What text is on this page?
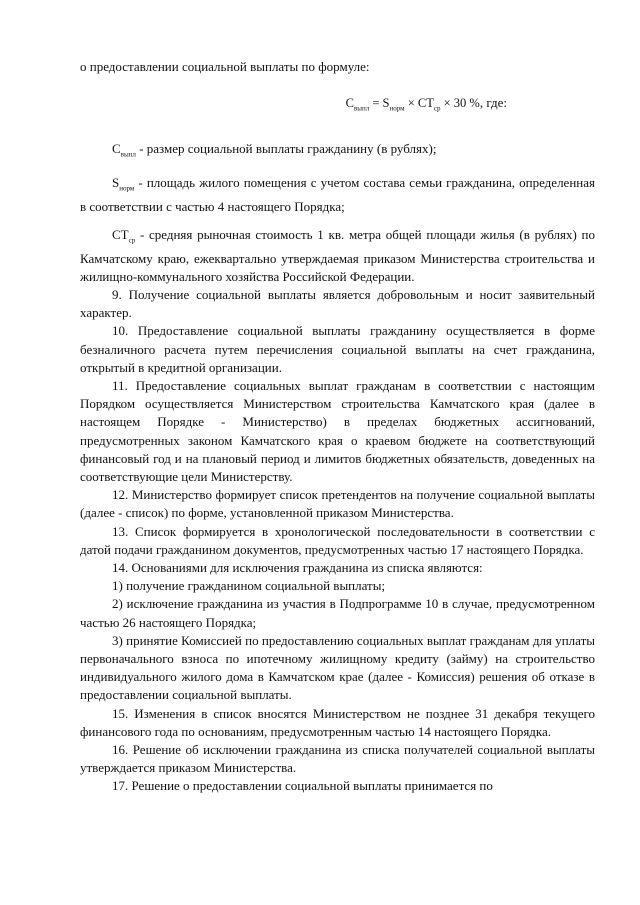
о предоставлении социальной выплаты по формуле:

$С_{выпл} = S_{норм} \times СТ_{ср} \times 30$ %, где:

$С_{выпл}$ - размер социальной выплаты гражданину (в рублях);

$S_{норм}$ - площадь жилого помещения с учетом состава семьи гражданина, определенная в соответствии с частью 4 настоящего Порядка;

$СТ_{ср}$ - средняя рыночная стоимость 1 кв. метра общей площади жилья (в рублях) по Камчатскому краю, ежеквартально утверждаемая приказом Министерства строительства и жилищно-коммунального хозяйства Российской Федерации.

9. Получение социальной выплаты является добровольным и носит заявительный характер.

10. Предоставление социальной выплаты гражданину осуществляется в форме безналичного расчета путем перечисления социальной выплаты на счет гражданина, открытый в кредитной организации.

11. Предоставление социальных выплат гражданам в соответствии с настоящим Порядком осуществляется Министерством строительства Камчатского края (далее в настоящем Порядке - Министерство) в пределах бюджетных ассигнований, предусмотренных законом Камчатского края о краевом бюджете на соответствующий финансовый год и на плановый период и лимитов бюджетных обязательств, доведенных на соответствующие цели Министерству.

12. Министерство формирует список претендентов на получение социальной выплаты (далее - список) по форме, установленной приказом Министерства.

13. Список формируется в хронологической последовательности в соответствии с датой подачи гражданином документов, предусмотренных частью 17 настоящего Порядка.

14. Основаниями для исключения гражданина из списка являются:

1) получение гражданином социальной выплаты;

2) исключение гражданина из участия в Подпрограмме 10 в случае, предусмотренном частью 26 настоящего Порядка;

3) принятие Комиссией по предоставлению социальных выплат гражданам для уплаты первоначального взноса по ипотечному жилищному кредиту (займу) на строительство индивидуального жилого дома в Камчатском крае (далее - Комиссия) решения об отказе в предоставлении социальной выплаты.

15. Изменения в список вносятся Министерством не позднее 31 декабря текущего финансового года по основаниям, предусмотренным частью 14 настоящего Порядка.

16. Решение об исключении гражданина из списка получателей социальной выплаты утверждается приказом Министерства.

17. Решение о предоставлении социальной выплаты принимается по
